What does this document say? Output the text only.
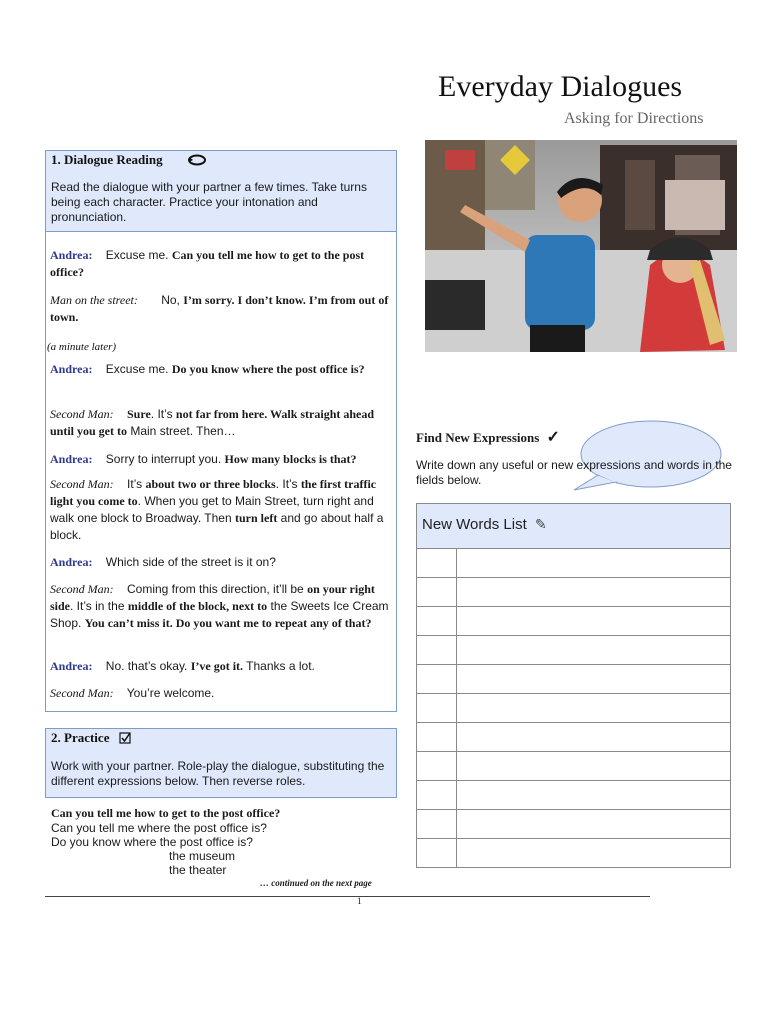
Everyday Dialogues
Asking for Directions
1. Dialogue Reading
Read the dialogue with your partner a few times. Take turns being each character. Practice your intonation and pronunciation.
Andrea: Excuse me. Can you tell me how to get to the post office?
Man on the street: No, I’m sorry. I don’t know. I’m from out of town.
(a minute later)
Andrea: Excuse me. Do you know where the post office is?
Second Man: Sure. It’s not far from here. Walk straight ahead until you get to Main street. Then…
Andrea: Sorry to interrupt you. How many blocks is that?
Second Man: It’s about two or three blocks. It’s the first traffic light you come to. When you get to Main Street, turn right and walk one block to Broadway. Then turn left and go about half a block.
Andrea: Which side of the street is it on?
Second Man: Coming from this direction, it’ll be on your right side. It’s in the middle of the block, next to the Sweets Ice Cream Shop. You can’t miss it. Do you want me to repeat any of that?
Andrea: No. that’s okay. I’ve got it. Thanks a lot.
Second Man: You’re welcome.
2. Practice
Work with your partner. Role-play the dialogue, substituting the different expressions below. Then reverse roles.
Can you tell me how to get to the post office?
Can you tell me where the post office is?
Do you know where the post office is?
the museum
the theater
… continued on the next page
1
Find New Expressions ✓
Write down any useful or new expressions and words in the fields below.
New Words List ✎
